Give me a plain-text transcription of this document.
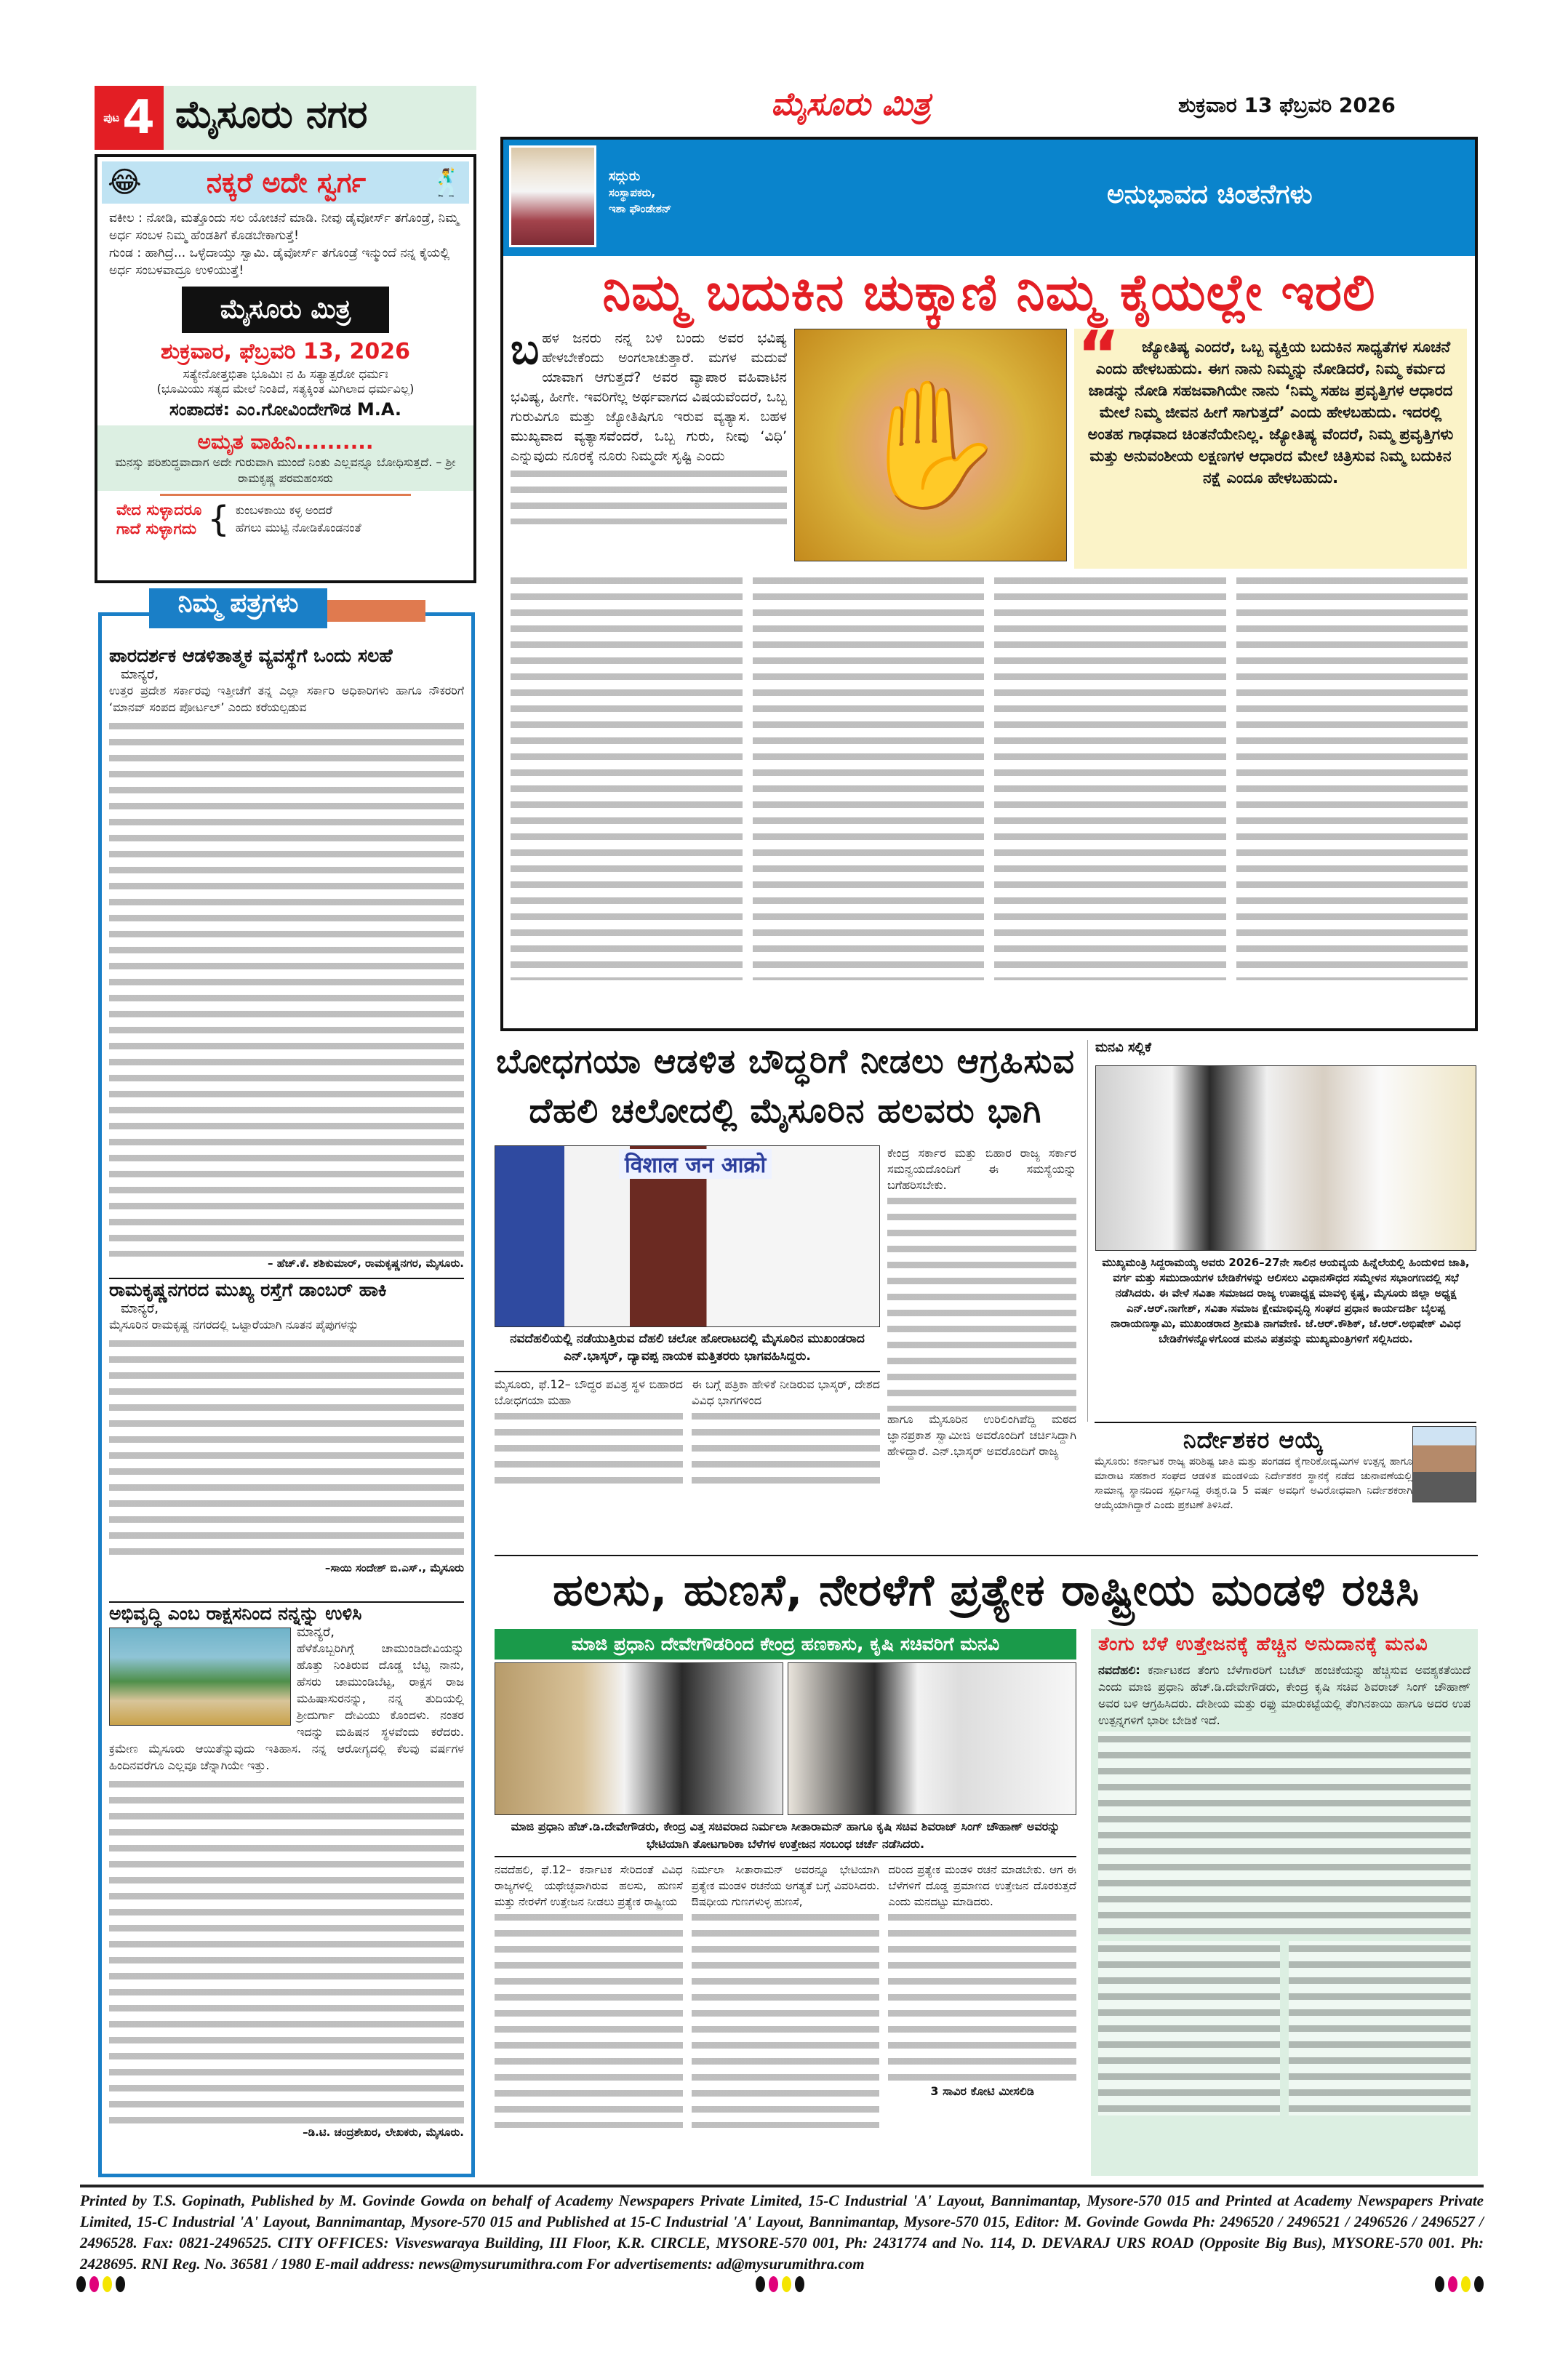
ಪುಟ 4 ಮೈಸೂರು ನಗರ	ಮೈಸೂರು ಮಿತ್ರ	ಶುಕ್ರವಾರ 13 ಫೆಬ್ರವರಿ 2026
😂 ನಕ್ಕರೆ ಅದೇ ಸ್ವರ್ಗ 🕺

ವಕೀಲ : ನೋಡಿ, ಮತ್ತೊಂದು ಸಲ ಯೋಚನೆ ಮಾಡಿ. ನೀವು ಡೈವೋರ್ಸ್ ತಗೊಂಡ್ರೆ, ನಿಮ್ಮ ಅರ್ಧ ಸಂಬಳ ನಿಮ್ಮ ಹೆಂಡತಿಗೆ ಕೊಡಬೇಕಾಗುತ್ತೆ!

ಗುಂಡ : ಹಾಗಿದ್ರೆ... ಒಳ್ಳೆದಾಯ್ತು ಸ್ವಾಮಿ. ಡೈವೋರ್ಸ್ ತಗೊಂಡ್ರೆ ಇನ್ಮುಂದೆ ನನ್ನ ಕೈಯಲ್ಲಿ ಅರ್ಧ ಸಂಬಳವಾದ್ರೂ ಉಳಿಯುತ್ತೆ!

ಮೈಸೂರು ಮಿತ್ರ
ಶುಕ್ರವಾರ, ಫೆಬ್ರವರಿ 13, 2026
ಸತ್ಯೇನೋತ್ತಭಿತಾ ಭೂಮಿಃ ನ ಹಿ ಸತ್ಯಾತ್ಪರೋ ಧರ್ಮಃ
(ಭೂಮಿಯು ಸತ್ಯದ ಮೇಲೆ ನಿಂತಿದೆ, ಸತ್ಯಕ್ಕಿಂತ ಮಿಗಿಲಾದ ಧರ್ಮವಿಲ್ಲ)
ಸಂಪಾದಕ: ಎಂ.ಗೋವಿಂದೇಗೌಡ M.A.
ಅಮೃತ ವಾಹಿನಿ..........
ಮನಸ್ಸು ಪರಿಶುದ್ಧವಾದಾಗ ಅದೇ ಗುರುವಾಗಿ ಮುಂದೆ ನಿಂತು ಎಲ್ಲವನ್ನೂ ಬೋಧಿಸುತ್ತದೆ. – ಶ್ರೀ ರಾಮಕೃಷ್ಣ ಪರಮಹಂಸರು
ವೇದ ಸುಳ್ಳಾದರೂ
ಗಾದೆ ಸುಳ್ಳಾಗದು { ಕುಂಬಳಕಾಯಿ ಕಳ್ಳ ಅಂದರೆ
ಹೆಗಲು ಮುಟ್ಟಿ ನೋಡಿಕೊಂಡನಂತೆ
ನಿಮ್ಮ ಪತ್ರಗಳು
ಪಾರದರ್ಶಕ ಆಡಳಿತಾತ್ಮಕ ವ್ಯವಸ್ಥೆಗೆ ಒಂದು ಸಲಹೆ
ಮಾನ್ಯರೆ,

ಉತ್ತರ ಪ್ರದೇಶ ಸರ್ಕಾರವು ಇತ್ತೀಚೆಗೆ ತನ್ನ ಎಲ್ಲಾ ಸರ್ಕಾರಿ ಅಧಿಕಾರಿಗಳು ಹಾಗೂ ನೌಕರರಿಗೆ ‘ಮಾನವ್ ಸಂಪದ ಪೋರ್ಟಲ್’ ಎಂದು ಕರೆಯಲ್ಪಡುವ

– ಹೆಚ್.ಕೆ. ಶಶಿಕುಮಾರ್, ರಾಮಕೃಷ್ಣನಗರ, ಮೈಸೂರು.
ರಾಮಕೃಷ್ಣನಗರದ ಮುಖ್ಯ ರಸ್ತೆಗೆ ಡಾಂಬರ್ ಹಾಕಿ
ಮಾನ್ಯರೆ,

ಮೈಸೂರಿನ ರಾಮಕೃಷ್ಣ ನಗರದಲ್ಲಿ ಒಟ್ಟಾರೆಯಾಗಿ ನೂತನ ಪೈಪುಗಳನ್ನು

–ಸಾಯಿ ಸಂದೇಶ್ ಬಿ.ಎಸ್., ಮೈಸೂರು
ಅಭಿವೃದ್ಧಿ ಎಂಬ ರಾಕ್ಷಸನಿಂದ ನನ್ನನ್ನು ಉಳಿಸಿ
ಮಾನ್ಯರೆ,

ಹೆಳೆಕೊಬ್ಬರಿಗಿಗ್ಗೆ ಚಾಮುಂಡಿದೇವಿಯನ್ನು ಹೊತ್ತು ನಿಂತಿರುವ ದೊಡ್ಡ ಬೆಟ್ಟ ನಾನು, ಹೆಸರು ಚಾಮುಂಡಿಬೆಟ್ಟ, ರಾಕ್ಷಸ ರಾಜ ಮಹಿಷಾಸುರನನ್ನು, ನನ್ನ ತುದಿಯಲ್ಲಿ ಶ್ರೀದುರ್ಗಾ ದೇವಿಯು ಕೊಂದಳು. ನಂತರ ಇದನ್ನು ಮಹಿಷನ ಸ್ಥಳವೆಂದು ಕರೆದರು. ಕ್ರಮೇಣ ಮೈಸೂರು ಆಯಿತೆನ್ನುವುದು ಇತಿಹಾಸ. ನನ್ನ ಆರೋಗ್ಯದಲ್ಲಿ ಕೆಲವು ವರ್ಷಗಳ ಹಿಂದಿನವರೆಗೂ ಎಲ್ಲವೂ ಚೆನ್ನಾಗಿಯೇ ಇತ್ತು.

–ಡಿ.ಟಿ. ಚಂದ್ರಶೇಖರ, ಲೇಖಕರು, ಮೈಸೂರು.
ಸದ್ಗುರು
ಸಂಸ್ಥಾಪಕರು,
ಇಶಾ ಫೌಂಡೇಶನ್	ಅನುಭಾವದ ಚಿಂತನೆಗಳು
ನಿಮ್ಮ ಬದುಕಿನ ಚುಕ್ಕಾಣಿ ನಿಮ್ಮ ಕೈಯಲ್ಲೇ ಇರಲಿ

ಬಹಳ ಜನರು ನನ್ನ ಬಳಿ ಬಂದು ಅವರ ಭವಿಷ್ಯ ಹೇಳಬೇಕೆಂದು ಅಂಗಲಾಚುತ್ತಾರೆ. ಮಗಳ ಮದುವೆ ಯಾವಾಗ ಆಗುತ್ತದೆ? ಅವರ ವ್ಯಾಪಾರ ವಹಿವಾಟಿನ ಭವಿಷ್ಯ, ಹೀಗೇ. ಇವರಿಗೆಲ್ಲ ಅರ್ಥವಾಗದ ವಿಷಯವೆಂದರೆ, ಒಬ್ಬ ಗುರುವಿಗೂ ಮತ್ತು ಜ್ಯೋತಿಷಿಗೂ ಇರುವ ವ್ಯತ್ಯಾಸ. ಬಹಳ ಮುಖ್ಯವಾದ ವ್ಯತ್ಯಾಸವೆಂದರೆ, ಒಬ್ಬ ಗುರು, ನೀವು ‘ವಿಧಿ’ ಎನ್ನುವುದು ನೂರಕ್ಕೆ ನೂರು ನಿಮ್ಮದೇ ಸೃಷ್ಟಿ ಎಂದು	✋
“	ಜ್ಯೋತಿಷ್ಯ ಎಂದರೆ, ಒಬ್ಬ ವ್ಯಕ್ತಿಯ ಬದುಕಿನ ಸಾಧ್ಯತೆಗಳ ಸೂಚನೆ ಎಂದು ಹೇಳಬಹುದು. ಈಗ ನಾನು ನಿಮ್ಮನ್ನು ನೋಡಿದರೆ, ನಿಮ್ಮ ಕರ್ಮದ ಜಾಡನ್ನು ನೋಡಿ ಸಹಜವಾಗಿಯೇ ನಾನು ‘ನಿಮ್ಮ ಸಹಜ ಪ್ರವೃತ್ತಿಗಳ ಆಧಾರದ ಮೇಲೆ ನಿಮ್ಮ ಜೀವನ ಹೀಗೆ ಸಾಗುತ್ತದೆ’ ಎಂದು ಹೇಳಬಹುದು. ಇದರಲ್ಲಿ ಅಂತಹ ಗಾಢವಾದ ಚಿಂತನೆಯೇನಿಲ್ಲ. ಜ್ಯೋತಿಷ್ಯ ವೆಂದರೆ, ನಿಮ್ಮ ಪ್ರವೃತ್ತಿಗಳು ಮತ್ತು ಅನುವಂಶೀಯ ಲಕ್ಷಣಗಳ ಆಧಾರದ ಮೇಲೆ ಚಿತ್ರಿಸುವ ನಿಮ್ಮ ಬದುಕಿನ ನಕ್ಷೆ ಎಂದೂ ಹೇಳಬಹುದು.

ಬೋಧಗಯಾ ಆಡಳಿತ ಬೌದ್ಧರಿಗೆ ನೀಡಲು ಆಗ್ರಹಿಸುವ
ದೆಹಲಿ ಚಲೋದಲ್ಲಿ ಮೈಸೂರಿನ ಹಲವರು ಭಾಗಿ
विशाल जन आक्रो

ನವದೆಹಲಿಯಲ್ಲಿ ನಡೆಯುತ್ತಿರುವ ದೆಹಲಿ ಚಲೋ ಹೋರಾಟದಲ್ಲಿ ಮೈಸೂರಿನ ಮುಖಂಡರಾದ ಎನ್.ಭಾಸ್ಕರ್, ದ್ಯಾವಪ್ಪ ನಾಯಕ ಮತ್ತಿತರರು ಭಾಗವಹಿಸಿದ್ದರು.

ಮೈಸೂರು, ಫೆ.12– ಬೌದ್ಧರ ಪವಿತ್ರ ಸ್ಥಳ ಬಿಹಾರದ ಬೋಧಗಯಾ ಮಹಾ

ಈ ಬಗ್ಗೆ ಪತ್ರಿಕಾ ಹೇಳಿಕೆ ನೀಡಿರುವ ಭಾಸ್ಕರ್, ದೇಶದ ವಿವಿಧ ಭಾಗಗಳಿಂದ

ಕೇಂದ್ರ ಸರ್ಕಾರ ಮತ್ತು ಬಿಹಾರ ರಾಜ್ಯ ಸರ್ಕಾರ ಸಮನ್ವಯದೊಂದಿಗೆ ಈ ಸಮಸ್ಯೆಯನ್ನು ಬಗೆಹರಿಸಬೇಕು.

ಹಾಗೂ ಮೈಸೂರಿನ ಉರಿಲಿಂಗಿಪೆದ್ದಿ ಮಠದ ಜ್ಞಾನಪ್ರಕಾಶ ಸ್ವಾಮೀಜಿ ಅವರೊಂದಿಗೆ ಚರ್ಚಿಸಿದ್ದಾಗಿ ಹೇಳಿದ್ದಾರೆ. ಎನ್.ಭಾಸ್ಕರ್ ಅವರೊಂದಿಗೆ ರಾಜ್ಯ

ಮನವಿ ಸಲ್ಲಿಕೆ

ಮುಖ್ಯಮಂತ್ರಿ ಸಿದ್ದರಾಮಯ್ಯ ಅವರು 2026–27ನೇ ಸಾಲಿನ ಆಯವ್ಯಯ ಹಿನ್ನೆಲೆಯಲ್ಲಿ ಹಿಂದುಳಿದ ಜಾತಿ, ವರ್ಗ ಮತ್ತು ಸಮುದಾಯಗಳ ಬೇಡಿಕೆಗಳನ್ನು ಆಲಿಸಲು ವಿಧಾನಸೌಧದ ಸಮ್ಮೇಳನ ಸಭಾಂಗಣದಲ್ಲಿ ಸಭೆ ನಡೆಸಿದರು. ಈ ವೇಳೆ ಸವಿತಾ ಸಮಾಜದ ರಾಜ್ಯ ಉಪಾಧ್ಯಕ್ಷ ಮಾವಳ್ಳಿ ಕೃಷ್ಣ, ಮೈಸೂರು ಜಿಲ್ಲಾ ಅಧ್ಯಕ್ಷ ಎನ್.ಆರ್.ನಾಗೇಶ್, ಸವಿತಾ ಸಮಾಜ ಕ್ಷೇಮಾಭಿವೃದ್ಧಿ ಸಂಘದ ಪ್ರಧಾನ ಕಾರ್ಯದರ್ಶಿ ಬೈಲಪ್ಪ ನಾರಾಯಣಸ್ವಾಮಿ, ಮುಖಂಡರಾದ ಶ್ರೀಮತಿ ನಾಗವೇಣಿ. ಜೆ.ಆರ್.ಕೌಶಿಕ್, ಜೆ.ಆರ್.ಅಭಿಷೇಕ್ ವಿವಿಧ ಬೇಡಿಕೆಗಳನ್ನೊಳಗೊಂಡ ಮನವಿ ಪತ್ರವನ್ನು ಮುಖ್ಯಮಂತ್ರಿಗಳಿಗೆ ಸಲ್ಲಿಸಿದರು.

ನಿರ್ದೇಶಕರ ಆಯ್ಕೆ

ಮೈಸೂರು: ಕರ್ನಾಟಕ ರಾಜ್ಯ ಪರಿಶಿಷ್ಟ ಜಾತಿ ಮತ್ತು ಪಂಗಡದ ಕೈಗಾರಿಕೋದ್ಯಮಿಗಳ ಉತ್ಪನ್ನ ಹಾಗೂ ಮಾರಾಟ ಸಹಕಾರ ಸಂಘದ ಆಡಳಿತ ಮಂಡಳಿಯ ನಿರ್ದೇಶಕರ ಸ್ಥಾನಕ್ಕೆ ನಡೆದ ಚುನಾವಣೆಯಲ್ಲಿ ಸಾಮಾನ್ಯ ಸ್ಥಾನದಿಂದ ಸ್ಪರ್ಧಿಸಿದ್ದ ಈಶ್ವರ.ಡಿ 5 ವರ್ಷ ಅವಧಿಗೆ ಅವಿರೋಧವಾಗಿ ನಿರ್ದೇಶಕರಾಗಿ ಆಯ್ಕೆಯಾಗಿದ್ದಾರೆ ಎಂದು ಪ್ರಕಟಣೆ ತಿಳಿಸಿದೆ.

ಹಲಸು, ಹುಣಸೆ, ನೇರಳೆಗೆ ಪ್ರತ್ಯೇಕ ರಾಷ್ಟ್ರೀಯ ಮಂಡಳಿ ರಚಿಸಿ
ಮಾಜಿ ಪ್ರಧಾನಿ ದೇವೇಗೌಡರಿಂದ ಕೇಂದ್ರ ಹಣಕಾಸು, ಕೃಷಿ ಸಚಿವರಿಗೆ ಮನವಿ

ಮಾಜಿ ಪ್ರಧಾನಿ ಹೆಚ್.ಡಿ.ದೇವೇಗೌಡರು, ಕೇಂದ್ರ ವಿತ್ತ ಸಚಿವರಾದ ನಿರ್ಮಲಾ ಸೀತಾರಾಮನ್ ಹಾಗೂ ಕೃಷಿ ಸಚಿವ ಶಿವರಾಜ್ ಸಿಂಗ್ ಚೌಹಾಣ್ ಅವರನ್ನು ಭೇಟಿಯಾಗಿ ತೋಟಗಾರಿಕಾ ಬೆಳೆಗಳ ಉತ್ತೇಜನ ಸಂಬಂಧ ಚರ್ಚೆ ನಡೆಸಿದರು.

ನವದೆಹಲಿ, ಫೆ.12– ಕರ್ನಾಟಕ ಸೇರಿದಂತೆ ವಿವಿಧ ರಾಜ್ಯಗಳಲ್ಲಿ ಯಥೇಚ್ಛವಾಗಿರುವ ಹಲಸು, ಹುಣಸೆ ಮತ್ತು ನೇರಳೆಗೆ ಉತ್ತೇಜನ ನೀಡಲು ಪ್ರತ್ಯೇಕ ರಾಷ್ಟ್ರೀಯ

ನಿರ್ಮಲಾ ಸೀತಾರಾಮನ್ ಅವರನ್ನೂ ಭೇಟಿಯಾಗಿ ಪ್ರತ್ಯೇಕ ಮಂಡಳಿ ರಚನೆಯ ಅಗತ್ಯತೆ ಬಗ್ಗೆ ವಿವರಿಸಿದರು. ಔಷಧೀಯ ಗುಣಗಳುಳ್ಳ ಹುಣಸೆ,

ದರಿಂದ ಪ್ರತ್ಯೇಕ ಮಂಡಳಿ ರಚನೆ ಮಾಡಬೇಕು. ಆಗ ಈ ಬೆಳೆಗಳಿಗೆ ದೊಡ್ಡ ಪ್ರಮಾಣದ ಉತ್ತೇಜನ ದೊರಕುತ್ತದೆ ಎಂದು ಮನದಟ್ಟು ಮಾಡಿದರು.

3 ಸಾವಿರ ಕೋಟಿ ಮೀಸಲಿಡಿ
ತೆಂಗು ಬೆಳೆ ಉತ್ತೇಜನಕ್ಕೆ ಹೆಚ್ಚಿನ ಅನುದಾನಕ್ಕೆ ಮನವಿ

ನವದೆಹಲಿ: ಕರ್ನಾಟಕದ ತೆಂಗು ಬೆಳೆಗಾರರಿಗೆ ಬಜೆಟ್ ಹಂಚಿಕೆಯನ್ನು ಹೆಚ್ಚಿಸುವ ಅವಶ್ಯಕತೆಯಿದೆ ಎಂದು ಮಾಜಿ ಪ್ರಧಾನಿ ಹೆಚ್.ಡಿ.ದೇವೇಗೌಡರು, ಕೇಂದ್ರ ಕೃಷಿ ಸಚಿವ ಶಿವರಾಜ್ ಸಿಂಗ್ ಚೌಹಾಣ್ ಅವರ ಬಳಿ ಆಗ್ರಹಿಸಿದರು. ದೇಶೀಯ ಮತ್ತು ರಫ್ತು ಮಾರುಕಟ್ಟೆಯಲ್ಲಿ ತೆಂಗಿನಕಾಯಿ ಹಾಗೂ ಅದರ ಉಪ ಉತ್ಪನ್ನಗಳಿಗೆ ಭಾರೀ ಬೇಡಿಕೆ ಇದೆ.

Printed by T.S. Gopinath, Published by M. Govinde Gowda on behalf of Academy Newspapers Private Limited, 15-C Industrial 'A' Layout, Bannimantap, Mysore-570 015 and Printed at Academy Newspapers Private Limited, 15-C Industrial 'A' Layout, Bannimantap, Mysore-570 015 and Published at 15-C Industrial 'A' Layout, Bannimantap, Mysore-570 015, Editor: M. Govinde Gowda Ph: 2496520 / 2496521 / 2496526 / 2496527 / 2496528. Fax: 0821-2496525. CITY OFFICES: Visveswaraya Building, III Floor, K.R. CIRCLE, MYSORE-570 001, Ph: 2431774 and No. 114, D. DEVARAJ URS ROAD (Opposite Big Bus), MYSORE-570 001. Ph: 2428695. RNI Reg. No. 36581 / 1980 E-mail address: news@mysurumithra.com For advertisements: ad@mysurumithra.com
